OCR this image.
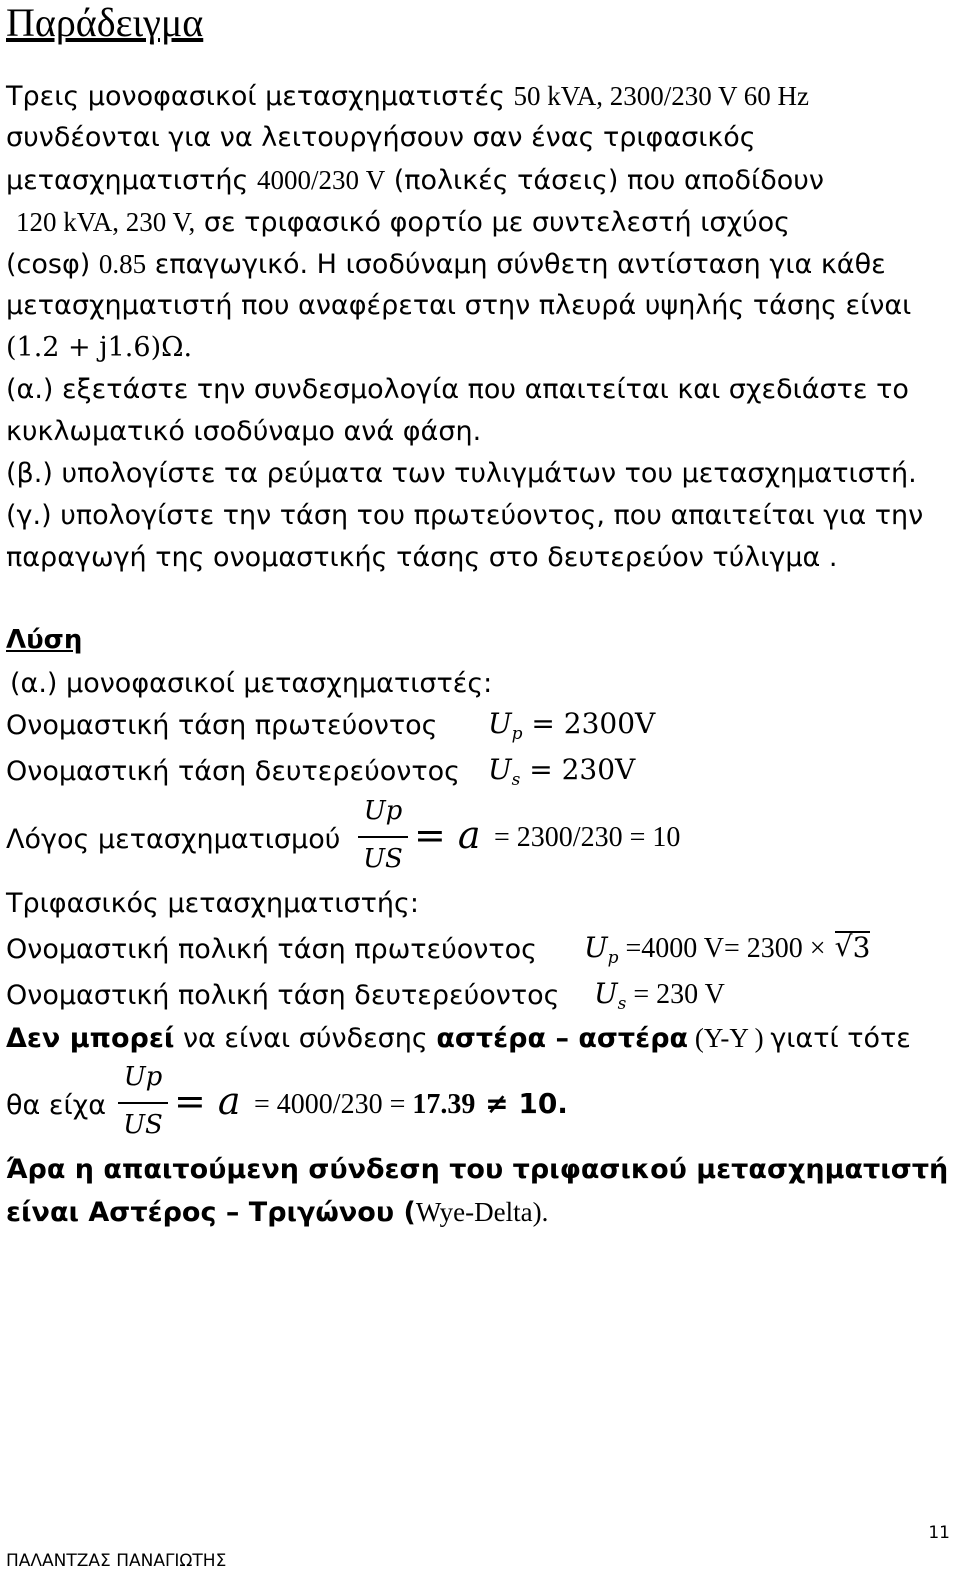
Παράδειγμα
Τρεις μονοφασικοί μετασχηματιστές 50 kVA, 2300/230 V 60 Hz
συνδέονται για να λειτουργήσουν σαν ένας τριφασικός
μετασχηματιστής 4000/230 V (πολικές τάσεις) που αποδίδουν
120 kVA, 230 V, σε τριφασικό φορτίο με συντελεστή ισχύος
(cosφ) 0.85 επαγωγικό. Η ισοδύναμη σύνθετη αντίσταση για κάθε
μετασχηματιστή που αναφέρεται στην πλευρά υψηλής τάσης είναι
(1.2 + j1.6)Ω.
(α.) εξετάστε την συνδεσμολογία που απαιτείται και σχεδιάστε το
κυκλωματικό ισοδύναμο ανά φάση.
(β.) υπολογίστε τα ρεύματα των τυλιγμάτων του μετασχηματιστή.
(γ.) υπολογίστε την τάση του πρωτεύοντος, που απαιτείται για την
παραγωγή της ονομαστικής τάσης στο δευτερεύον τύλιγμα .
Λύση
(α.) μονοφασικοί μετασχηματιστές:
Ονομαστική τάση πρωτεύοντος $U_p = 2300V$
Ονομαστική τάση δευτερεύοντος $U_s = 230V$
Λόγος μετασχηματισμού
Up
US
= a = 2300/230 = 10
Τριφασικός μετασχηματιστής:
Ονομαστική πολική τάση πρωτεύοντος $U_p =4000$ V= 2300 × √ 3
Ονομαστική πολική τάση δευτερεύοντος $U_s = 230$ V
Δεν μπορεί να είναι σύνδεσης αστέρα – αστέρα (Y-Y ) γιατί τότε
θα είχα
Up
US
= a = 4000/230 = 17.39 ≠ 10.
Άρα η απαιτούμενη σύνδεση του τριφασικού μετασχηματιστή
είναι Αστέρος – Τριγώνου (Wye-Delta).
11
ΠΑΛΑΝΤΖΑΣ ΠΑΝΑΓΙΩΤΗΣ
